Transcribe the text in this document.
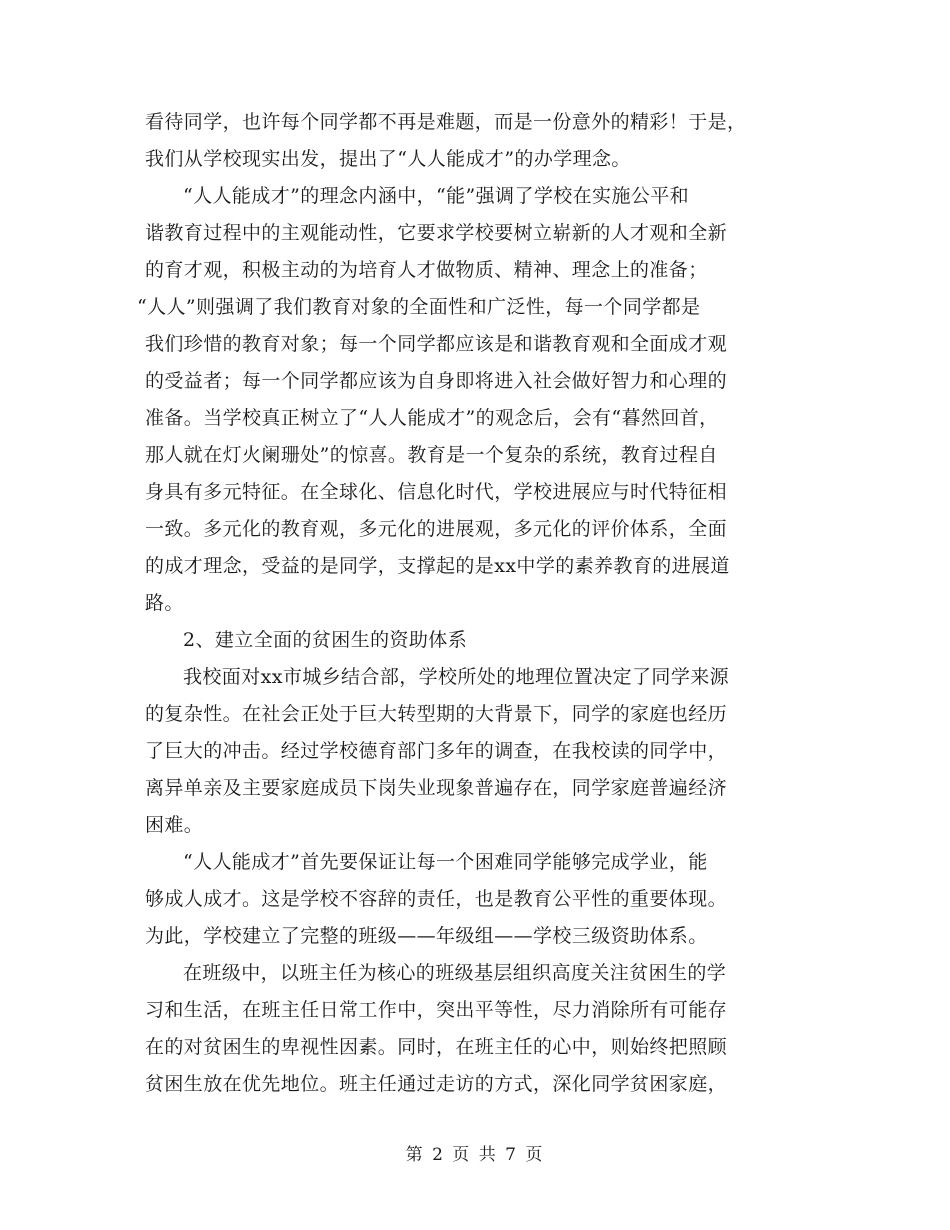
看待同学，也许每个同学都不再是难题，而是一份意外的精彩！于是，
我们从学校现实出发，提出了“人人能成才”的办学理念。
“人人能成才”的理念内涵中，“能”强调了学校在实施公平和
谐教育过程中的主观能动性，它要求学校要树立崭新的人才观和全新
的育才观，积极主动的为培育人才做物质、精神、理念上的准备；
“人人”则强调了我们教育对象的全面性和广泛性，每一个同学都是
我们珍惜的教育对象；每一个同学都应该是和谐教育观和全面成才观
的受益者；每一个同学都应该为自身即将进入社会做好智力和心理的
准备。当学校真正树立了“人人能成才”的观念后，会有“暮然回首，
那人就在灯火阑珊处”的惊喜。教育是一个复杂的系统，教育过程自
身具有多元特征。在全球化、信息化时代，学校进展应与时代特征相
一致。多元化的教育观，多元化的进展观，多元化的评价体系，全面
的成才理念，受益的是同学，支撑起的是xx中学的素养教育的进展道
路。
2、建立全面的贫困生的资助体系
我校面对xx市城乡结合部，学校所处的地理位置决定了同学来源
的复杂性。在社会正处于巨大转型期的大背景下，同学的家庭也经历
了巨大的冲击。经过学校德育部门多年的调查，在我校读的同学中，
离异单亲及主要家庭成员下岗失业现象普遍存在，同学家庭普遍经济
困难。
“人人能成才”首先要保证让每一个困难同学能够完成学业，能
够成人成才。这是学校不容辞的责任，也是教育公平性的重要体现。
为此，学校建立了完整的班级——年级组——学校三级资助体系。
在班级中，以班主任为核心的班级基层组织高度关注贫困生的学
习和生活，在班主任日常工作中，突出平等性，尽力消除所有可能存
在的对贫困生的卑视性因素。同时，在班主任的心中，则始终把照顾
贫困生放在优先地位。班主任通过走访的方式，深化同学贫困家庭，
第 2 页 共 7 页
